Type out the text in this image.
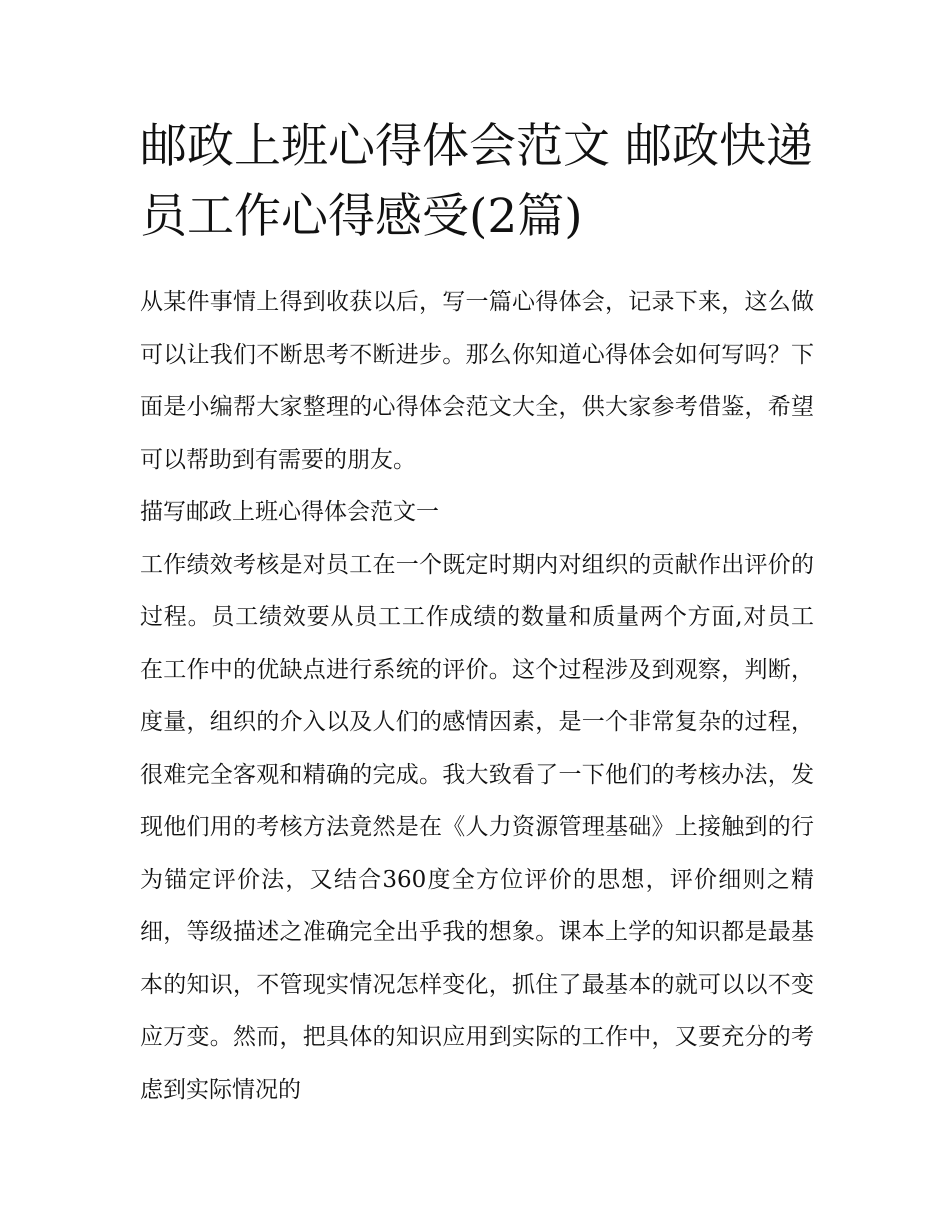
邮政上班心得体会范文 邮政快递员工作心得感受(2篇)

从某件事情上得到收获以后，写一篇心得体会，记录下来，这么做可以让我们不断思考不断进步。那么你知道心得体会如何写吗？下面是小编帮大家整理的心得体会范文大全，供大家参考借鉴，希望可以帮助到有需要的朋友。

描写邮政上班心得体会范文一

工作绩效考核是对员工在一个既定时期内对组织的贡献作出评价的过程。员工绩效要从员工工作成绩的数量和质量两个方面,对员工在工作中的优缺点进行系统的评价。这个过程涉及到观察，判断，度量，组织的介入以及人们的感情因素，是一个非常复杂的过程，很难完全客观和精确的完成。我大致看了一下他们的考核办法，发现他们用的考核方法竟然是在《人力资源管理基础》上接触到的行为锚定评价法，又结合360度全方位评价的思想，评价细则之精细，等级描述之准确完全出乎我的想象。课本上学的知识都是最基本的知识，不管现实情况怎样变化，抓住了最基本的就可以以不变应万变。然而，把具体的知识应用到实际的工作中，又要充分的考虑到实际情况的
